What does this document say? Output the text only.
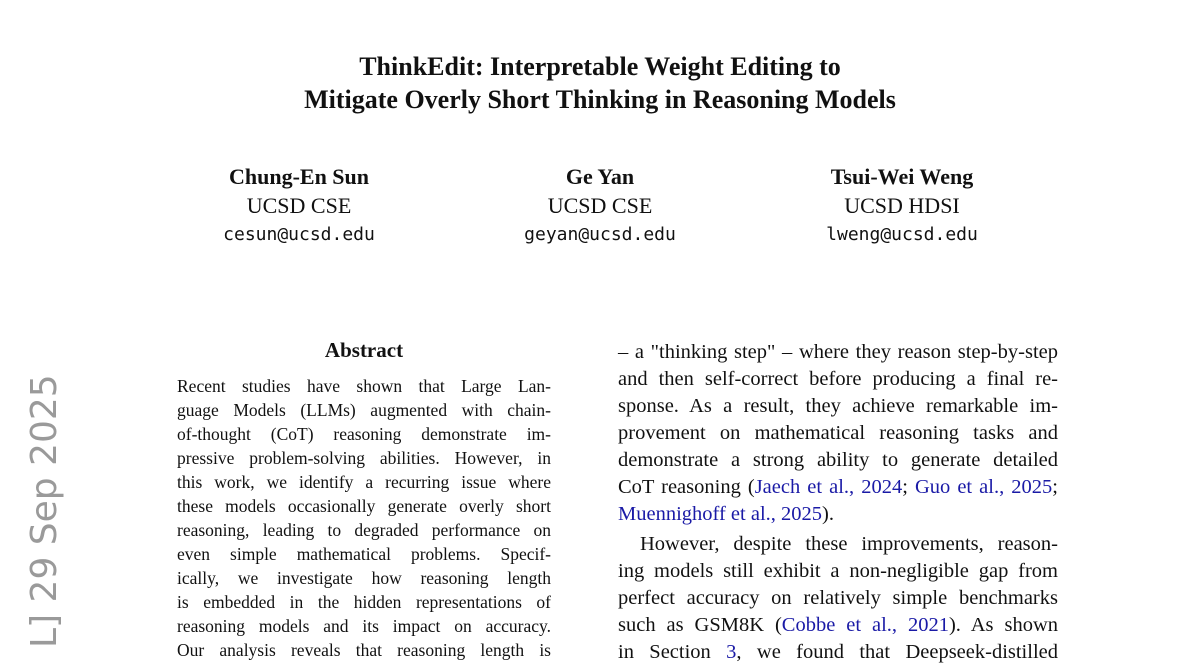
ThinkEdit: Interpretable Weight Editing to
Mitigate Overly Short Thinking in Reasoning Models
Chung-En Sun
UCSD CSE
cesun@ucsd.edu
Ge Yan
UCSD CSE
geyan@ucsd.edu
Tsui-Wei Weng
UCSD HDSI
lweng@ucsd.edu
L] 29 Sep 2025
Abstract
Recent studies have shown that Large Lan-
guage Models (LLMs) augmented with chain-
of-thought (CoT) reasoning demonstrate im-
pressive problem-solving abilities. However, in
this work, we identify a recurring issue where
these models occasionally generate overly short
reasoning, leading to degraded performance on
even simple mathematical problems. Specif-
ically, we investigate how reasoning length
is embedded in the hidden representations of
reasoning models and its impact on accuracy.
Our analysis reveals that reasoning length is
– a "thinking step" – where they reason step-by-step
and then self-correct before producing a final re-
sponse. As a result, they achieve remarkable im-
provement on mathematical reasoning tasks and
demonstrate a strong ability to generate detailed
CoT reasoning (Jaech et al., 2024; Guo et al., 2025;
Muennighoff et al., 2025).
However, despite these improvements, reason-
ing models still exhibit a non-negligible gap from
perfect accuracy on relatively simple benchmarks
such as GSM8K (Cobbe et al., 2021). As shown
in Section 3, we found that Deepseek-distilled
